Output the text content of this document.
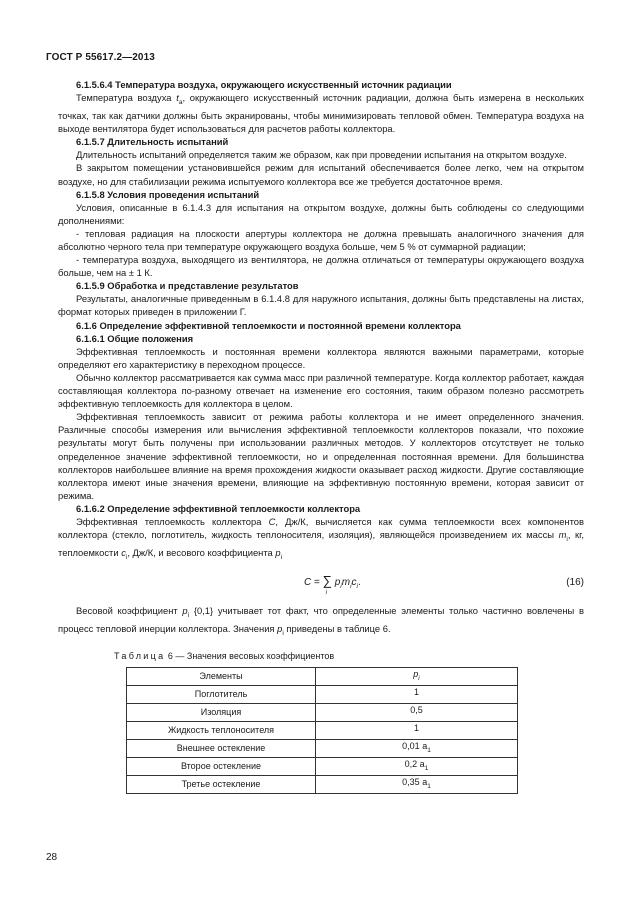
ГОСТ Р 55617.2—2013

6.1.5.6.4 Температура воздуха, окружающего искусственный источник радиации

Температура воздуха $t_a$, окружающего искусственный источник радиации, должна быть измерена в нескольких точках, так как датчики должны быть экранированы, чтобы минимизировать тепловой обмен. Температура воздуха на выходе вентилятора будет использоваться для расчетов работы коллектора.

6.1.5.7 Длительность испытаний

Длительность испытаний определяется таким же образом, как при проведении испытания на открытом воздухе.

В закрытом помещении установившейся режим для испытаний обеспечивается более легко, чем на открытом воздухе, но для стабилизации режима испытуемого коллектора все же требуется достаточное время.

6.1.5.8 Условия проведения испытаний

Условия, описанные в 6.1.4.3 для испытания на открытом воздухе, должны быть соблюдены со следующими дополнениями:

- тепловая радиация на плоскости апертуры коллектора не должна превышать аналогичного значения для абсолютно черного тела при температуре окружающего воздуха больше, чем 5 % от суммарной радиации;

- температура воздуха, выходящего из вентилятора, не должна отличаться от температуры окружающего воздуха больше, чем на ± 1 К.

6.1.5.9 Обработка и представление результатов

Результаты, аналогичные приведенным в 6.1.4.8 для наружного испытания, должны быть представлены на листах, формат которых приведен в приложении Г.

6.1.6 Определение эффективной теплоемкости и постоянной времени коллектора

6.1.6.1 Общие положения

Эффективная теплоемкость и постоянная времени коллектора являются важными параметрами, которые определяют его характеристику в переходном процессе.

Обычно коллектор рассматривается как сумма масс при различной температуре. Когда коллектор работает, каждая составляющая коллектора по-разному отвечает на изменение его состояния, таким образом полезно рассмотреть эффективную теплоемкость для коллектора в целом.

Эффективная теплоемкость зависит от режима работы коллектора и не имеет определенного значения. Различные способы измерения или вычисления эффективной теплоемкости коллекторов показали, что похожие результаты могут быть получены при использовании различных методов. У коллекторов отсутствует не только определенное значение эффективной теплоемкости, но и определенная постоянная времени. Для большинства коллекторов наибольшее влияние на время прохождения жидкости оказывает расход жидкости. Другие составляющие коллектора имеют иные значения времени, влияющие на эффективную постоянную времени, которая зависит от режима.

6.1.6.2 Определение эффективной теплоемкости коллектора

Эффективная теплоемкость коллектора C, Дж/К, вычисляется как сумма теплоемкости всех компонентов коллектора (стекло, поглотитель, жидкость теплоносителя, изоляция), являющейся произведением их массы $m_i$, кг, теплоемкости $c_i$, Дж/К, и весового коэффициента $p_i$

C = ∑
i
$p_im_ic_i$.	(16)

Весовой коэффициент $p_i$ {0,1} учитывает тот факт, что определенные элементы только частично вовлечены в процесс тепловой инерции коллектора. Значения $p_i$ приведены в таблице 6.

Таблица 6 — Значения весовых коэффициентов
Элементы	$p_i$
Поглотитель	1
Изоляция	0,5
Жидкость теплоносителя	1
Внешнее остекление	0,01 $a_1$
Второе остекление	0,2 $a_1$
Третье остекление	0,35 $a_1$
28
